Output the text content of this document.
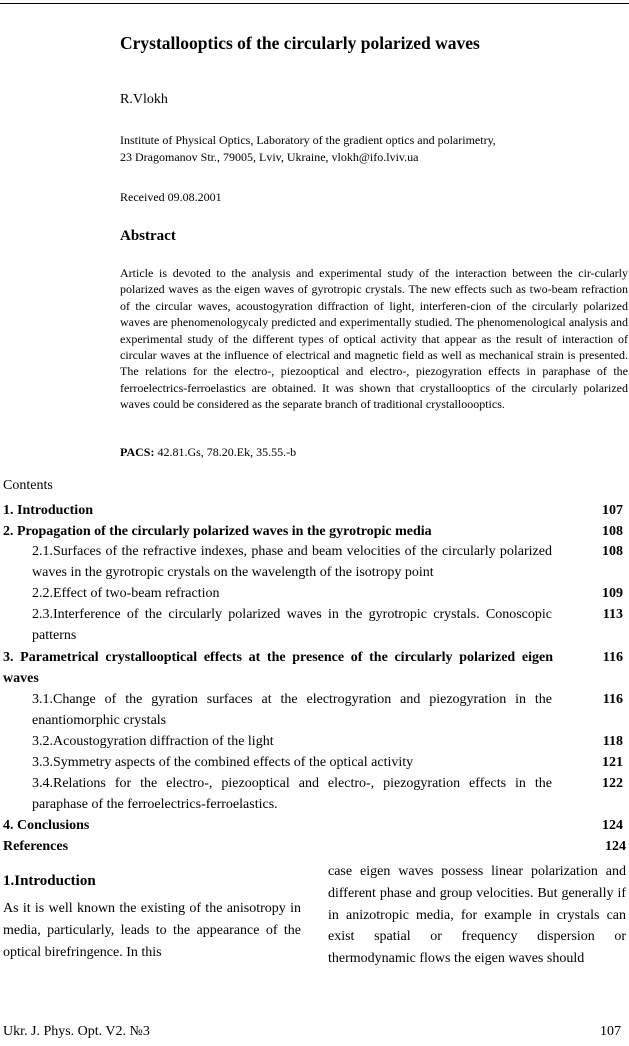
Crystallooptics of the circularly polarized waves
R.Vlokh
Institute of Physical Optics, Laboratory of the gradient optics and polarimetry,
23 Dragomanov Str., 79005, Lviv, Ukraine, vlokh@ifo.lviv.ua
Received 09.08.2001
Abstract

Article is devoted to the analysis and experimental study of the interaction between the cir-cularly polarized waves as the eigen waves of gyrotropic crystals. The new effects such as two-beam refraction of the circular waves, acoustogyration diffraction of light, interferen-cion of the circularly polarized waves are phenomenologycaly predicted and experimentally studied. The phenomenological analysis and experimental study of the different types of optical activity that appear as the result of interaction of circular waves at the influence of electrical and magnetic field as well as mechanical strain is presented. The relations for the electro-, piezooptical and electro-, piezogyration effects in paraphase of the ferroelectrics-ferroelastics are obtained. It was shown that crystallooptics of the circularly polarized waves could be considered as the separate branch of traditional crystalloooptics.

PACS: 42.81.Gs, 78.20.Ek, 35.55.-b
Contents
1. Introduction	107
2. Propagation of the circularly polarized waves in the gyrotropic media	108
2.1.Surfaces of the refractive indexes, phase and beam velocities of the circularly polarized waves in the gyrotropic crystals on the wavelength of the isotropy point
108
2.2.Effect of two-beam refraction	109
2.3.Interference of the circularly polarized waves in the gyrotropic crystals. Conoscopic patterns
113
3. Parametrical crystallooptical effects at the presence of the circularly polarized eigen waves
116
3.1.Change of the gyration surfaces at the electrogyration and piezogyration in the enantiomorphic crystals
116
3.2.Acoustogyration diffraction of the light	118
3.3.Symmetry aspects of the combined effects of the optical activity	121
3.4.Relations for the electro-, piezooptical and electro-, piezogyration effects in the paraphase of the ferroelectrics-ferroelastics.
122
4. Conclusions	124
References	124
1.Introduction

As it is well known the existing of the anisotropy in media, particularly, leads to the appearance of the optical birefringence. In this

case eigen waves possess linear polarization and different phase and group velocities. But generally if in anizotropic media, for example in crystals can exist spatial or frequency dispersion or thermodynamic flows the eigen waves should

Ukr. J. Phys. Opt. V2. №3	107
